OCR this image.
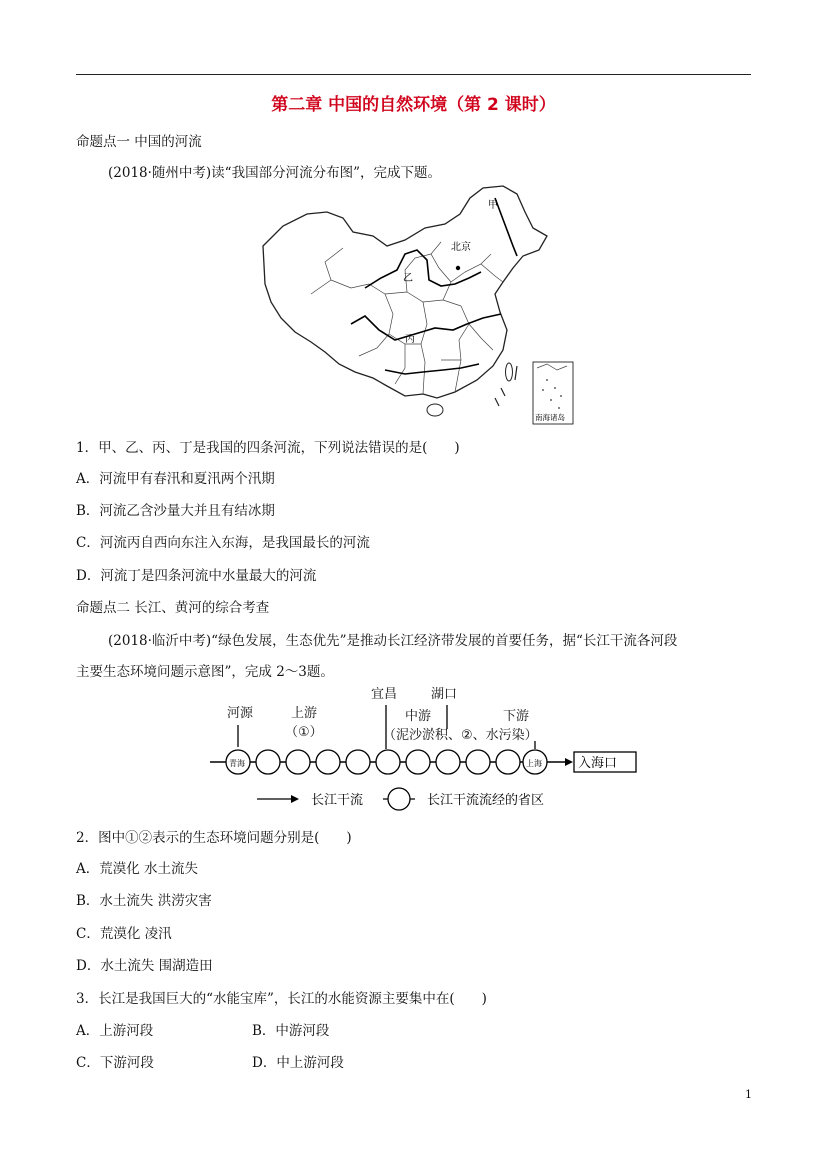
第二章 中国的自然环境（第 2 课时）
命题点一 中国的河流
(2018·随州中考)读“我国部分河流分布图”，完成下题。
甲
乙
北京
丙
南海诸岛
1．甲、乙、丙、丁是我国的四条河流，下列说法错误的是(　　)
A．河流甲有春汛和夏汛两个汛期
B．河流乙含沙量大并且有结冰期
C．河流丙自西向东注入东海，是我国最长的河流
D．河流丁是四条河流中水量最大的河流
命题点二 长江、黄河的综合考查
(2018·临沂中考)“绿色发展，生态优先”是推动长江经济带发展的首要任务，据“长江干流各河段
主要生态环境问题示意图”，完成 2～3题。
宜昌	湖口
河源	上游
（①）
中游	下游
（泥沙淤积、②、水污染）
青海	上海	入海口
长江干流	长江干流流经的省区
2．图中①②表示的生态环境问题分别是(　　)
A．荒漠化 水土流失
B．水土流失 洪涝灾害
C．荒漠化 凌汛
D．水土流失 围湖造田
3．长江是我国巨大的“水能宝库”，长江的水能资源主要集中在(　　)
A．上游河段	B．中游河段
C．下游河段	D．中上游河段
1
